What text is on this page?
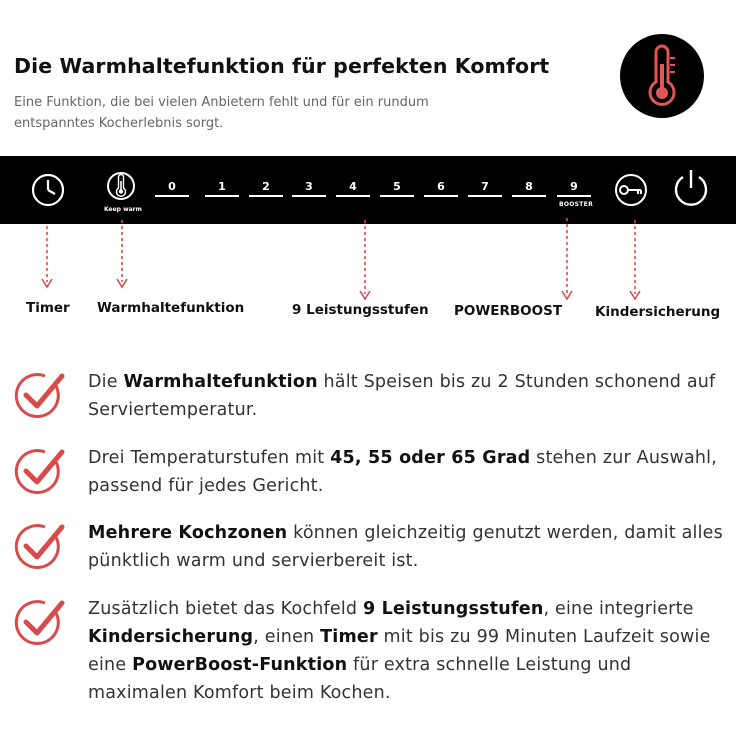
Die Warmhaltefunktion für perfekten Komfort
Eine Funktion, die bei vielen Anbietern fehlt und für ein rundum
entspanntes Kocherlebnis sorgt.
Keep warm
0	1	2	3	4	5	6	7	8	9
BOOSTER
Timer Warmhaltefunktion	9 Leistungsstufen POWERBOOST Kindersicherung
Die Warmhaltefunktion hält Speisen bis zu 2 Stunden schonend auf Serviertemperatur.
Drei Temperaturstufen mit 45, 55 oder 65 Grad stehen zur Auswahl, passend für jedes Gericht.
Mehrere Kochzonen können gleichzeitig genutzt werden, damit alles pünktlich warm und servierbereit ist.
Zusätzlich bietet das Kochfeld 9 Leistungsstufen, eine integrierte Kindersicherung, einen Timer mit bis zu 99 Minuten Laufzeit sowie eine PowerBoost-Funktion für extra schnelle Leistung und maximalen Komfort beim Kochen.
